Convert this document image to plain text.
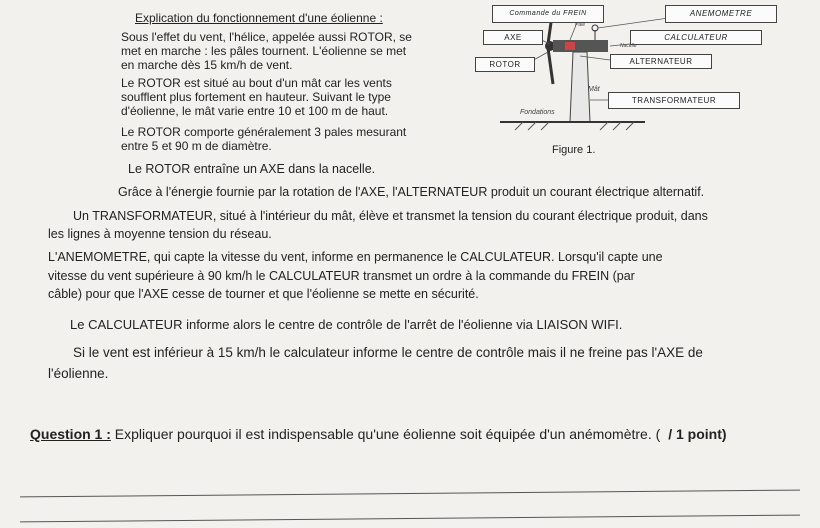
Explication du fonctionnement d'une éolienne :
Sous l'effet du vent, l'hélice, appelée aussi ROTOR, se
met en marche : les pâles tournent. L'éolienne se met
en marche dès 15 km/h de vent.
Le ROTOR est situé au bout d'un mât car les vents
soufflent plus fortement en hauteur. Suivant le type
d'éolienne, le mât varie entre 10 et 100 m de haut.
Le ROTOR comporte généralement 3 pales mesurant
entre 5 et 90 m de diamètre.
Commande du FREIN	ANEMOMETRE
AXE	CALCULATEUR
ROTOR	ALTERNATEUR
TRANSFORMATEUR
Fondations
Mât
Pale
Nacelle
Figure 1.
Le ROTOR entraîne un AXE dans la nacelle.
Grâce à l'énergie fournie par la rotation de l'AXE, l'ALTERNATEUR produit un courant électrique alternatif.
Un TRANSFORMATEUR, situé à l'intérieur du mât, élève et transmet la tension du courant électrique produit, dans
les lignes à moyenne tension du réseau.
L'ANEMOMETRE, qui capte la vitesse du vent, informe en permanence le CALCULATEUR. Lorsqu'il capte une
vitesse du vent supérieure à 90 km/h le CALCULATEUR transmet un ordre à la commande du FREIN (par
câble) pour que l'AXE cesse de tourner et que l'éolienne se mette en sécurité.
Le CALCULATEUR informe alors le centre de contrôle de l'arrêt de l'éolienne via LIAISON WIFI.
Si le vent est inférieur à 15 km/h le calculateur informe le centre de contrôle mais il ne freine pas l'AXE de
l'éolienne.
Question 1 : Expliquer pourquoi il est indispensable qu'une éolienne soit équipée d'un anémomètre. ( / 1 point)
